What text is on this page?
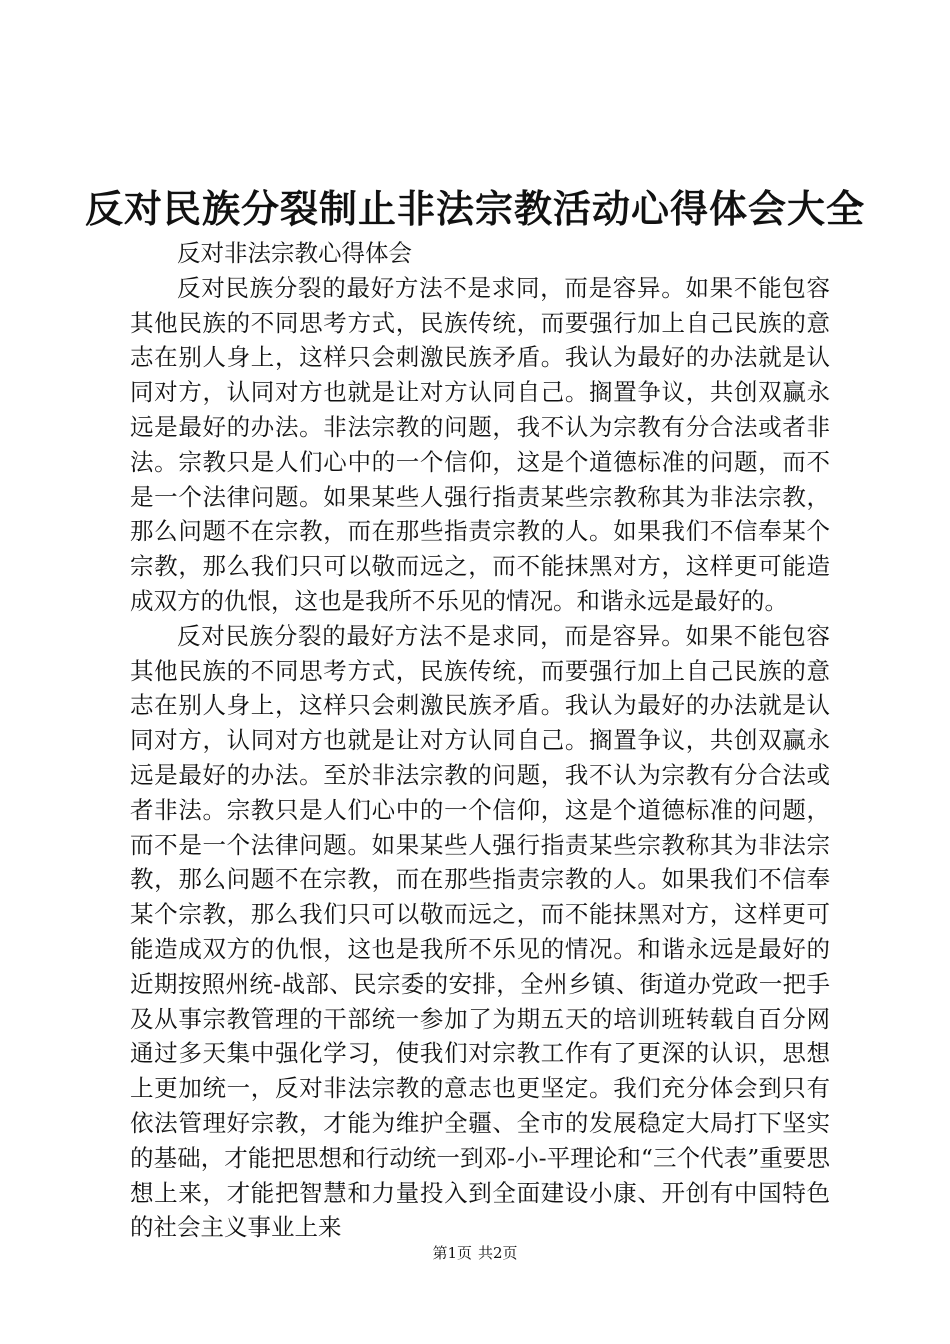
反对民族分裂制止非法宗教活动心得体会大全

反对非法宗教心得体会

反对民族分裂的最好方法不是求同，而是容异。如果不能包容其他民族的不同思考方式，民族传统，而要强行加上自己民族的意志在别人身上，这样只会刺激民族矛盾。我认为最好的办法就是认同对方，认同对方也就是让对方认同自己。搁置争议，共创双赢永远是最好的办法。非法宗教的问题，我不认为宗教有分合法或者非法。宗教只是人们心中的一个信仰，这是个道德标准的问题，而不是一个法律问题。如果某些人强行指责某些宗教称其为非法宗教，那么问题不在宗教，而在那些指责宗教的人。如果我们不信奉某个宗教，那么我们只可以敬而远之，而不能抹黑对方，这样更可能造成双方的仇恨，这也是我所不乐见的情况。和谐永远是最好的。

反对民族分裂的最好方法不是求同，而是容异。如果不能包容其他民族的不同思考方式，民族传统，而要强行加上自己民族的意志在别人身上，这样只会刺激民族矛盾。我认为最好的办法就是认同对方，认同对方也就是让对方认同自己。搁置争议，共创双赢永远是最好的办法。至於非法宗教的问题，我不认为宗教有分合法或者非法。宗教只是人们心中的一个信仰，这是个道德标准的问题，而不是一个法律问题。如果某些人强行指责某些宗教称其为非法宗教，那么问题不在宗教，而在那些指责宗教的人。如果我们不信奉某个宗教，那么我们只可以敬而远之，而不能抹黑对方，这样更可能造成双方的仇恨，这也是我所不乐见的情况。和谐永远是最好的近期按照州统-战部、民宗委的安排，全州乡镇、街道办党政一把手及从事宗教管理的干部统一参加了为期五天的培训班转载自百分网通过多天集中强化学习，使我们对宗教工作有了更深的认识，思想上更加统一，反对非法宗教的意志也更坚定。我们充分体会到只有依法管理好宗教，才能为维护全疆、全市的发展稳定大局打下坚实的基础，才能把思想和行动统一到邓-小-平理论和“三个代表”重要思想上来，才能把智慧和力量投入到全面建设小康、开创有中国特色的社会主义事业上来

第1页 共2页
